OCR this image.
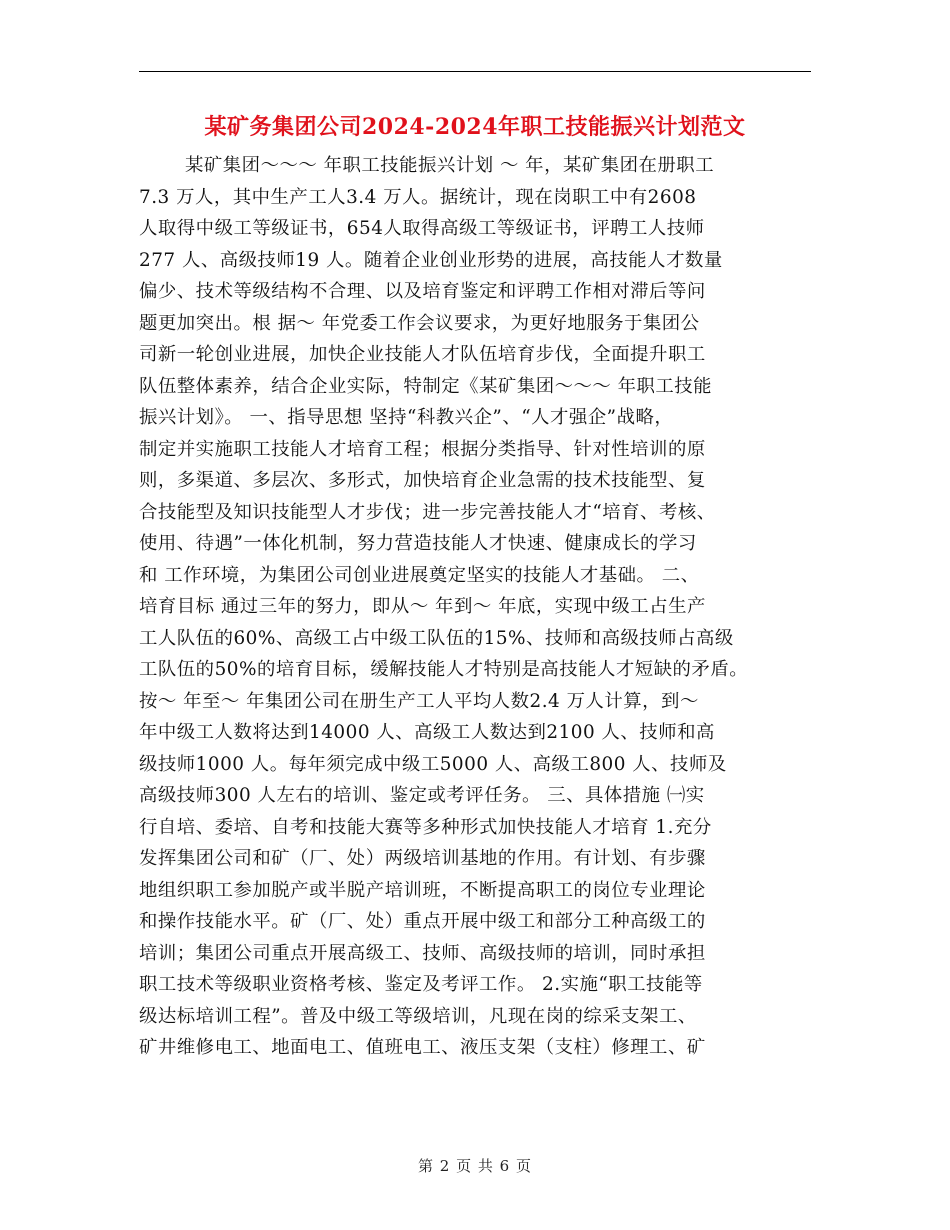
某矿务集团公司2024-2024年职工技能振兴计划范文
某矿集团～～～ 年职工技能振兴计划 ～ 年，某矿集团在册职工
7.3 万人，其中生产工人3.4 万人。据统计，现在岗职工中有2608
人取得中级工等级证书，654人取得高级工等级证书，评聘工人技师
277 人、高级技师19 人。随着企业创业形势的进展，高技能人才数量
偏少、技术等级结构不合理、以及培育鉴定和评聘工作相对滞后等问
题更加突出。根 据～ 年党委工作会议要求，为更好地服务于集团公
司新一轮创业进展，加快企业技能人才队伍培育步伐，全面提升职工
队伍整体素养，结合企业实际，特制定《某矿集团～～～ 年职工技能
振兴计划》。 一、指导思想 坚持“科教兴企”、“人才强企”战略，
制定并实施职工技能人才培育工程；根据分类指导、针对性培训的原
则，多渠道、多层次、多形式，加快培育企业急需的技术技能型、复
合技能型及知识技能型人才步伐；进一步完善技能人才“培育、考核、
使用、待遇”一体化机制，努力营造技能人才快速、健康成长的学习
和 工作环境，为集团公司创业进展奠定坚实的技能人才基础。 二、
培育目标 通过三年的努力，即从～ 年到～ 年底，实现中级工占生产
工人队伍的60%、高级工占中级工队伍的15%、技师和高级技师占高级
工队伍的50%的培育目标，缓解技能人才特别是高技能人才短缺的矛盾。
按～ 年至～ 年集团公司在册生产工人平均人数2.4 万人计算，到～
年中级工人数将达到14000 人、高级工人数达到2100 人、技师和高
级技师1000 人。每年须完成中级工5000 人、高级工800 人、技师及
高级技师300 人左右的培训、鉴定或考评任务。 三、具体措施 ㈠实
行自培、委培、自考和技能大赛等多种形式加快技能人才培育 1.充分
发挥集团公司和矿（厂、处）两级培训基地的作用。有计划、有步骤
地组织职工参加脱产或半脱产培训班，不断提高职工的岗位专业理论
和操作技能水平。矿（厂、处）重点开展中级工和部分工种高级工的
培训；集团公司重点开展高级工、技师、高级技师的培训，同时承担
职工技术等级职业资格考核、鉴定及考评工作。 2.实施“职工技能等
级达标培训工程”。普及中级工等级培训，凡现在岗的综采支架工、
矿井维修电工、地面电工、值班电工、液压支架（支柱）修理工、矿
第 2 页 共 6 页
